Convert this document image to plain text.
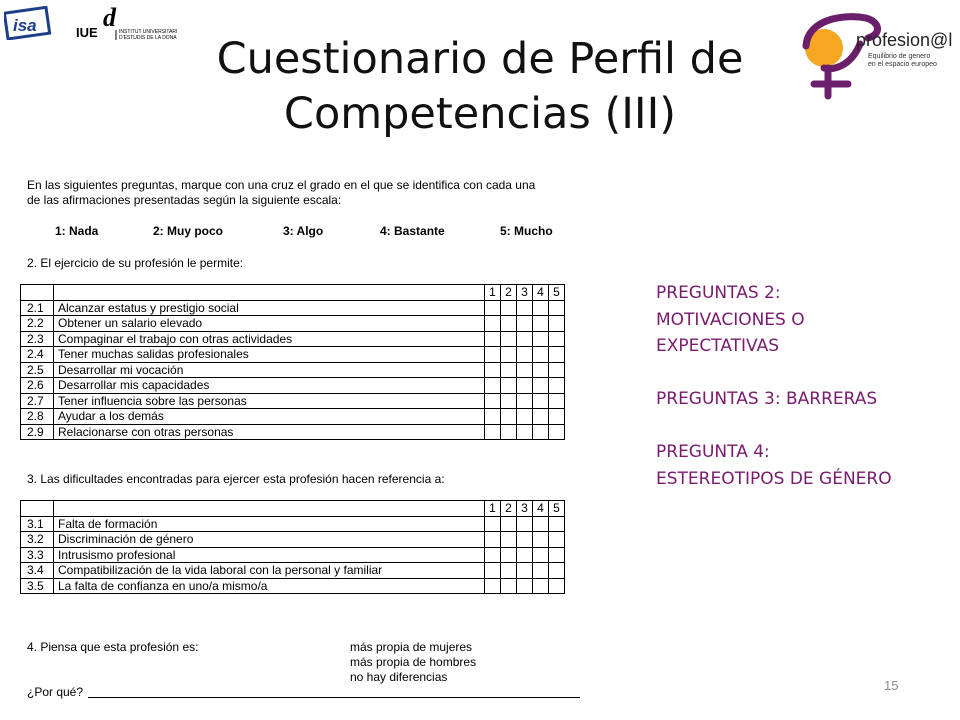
isa	IUE
d INSTITUT UNIVERSITARI
D'ESTUDIS DE LA DONA	profesion@l
Equilibrio de genero
en el espacio europeo
Cuestionario de Perfil de
Competencias (III)
En las siguientes preguntas, marque con una cruz el grado en el que se identifica con cada una
de las afirmaciones presentadas según la siguiente escala:
1: Nada	2: Muy poco	3: Algo	4: Bastante	5: Mucho
2. El ejercicio de su profesión le permite:
		1	2	3	4	5
2.1	Alcanzar estatus y prestigio social					
2.2	Obtener un salario elevado					
2.3	Compaginar el trabajo con otras actividades					
2.4	Tener muchas salidas profesionales					
2.5	Desarrollar mi vocación					
2.6	Desarrollar mis capacidades					
2.7	Tener influencia sobre las personas					
2.8	Ayudar a los demás					
2.9	Relacionarse con otras personas					
3. Las dificultades encontradas para ejercer esta profesión hacen referencia a:
		1	2	3	4	5
3.1	Falta de formación					
3.2	Discriminación de género					
3.3	Intrusismo profesional					
3.4	Compatibilización de la vida laboral con la personal y familiar					
3.5	La falta de confianza en uno/a mismo/a					
4. Piensa que esta profesión es:	más propia de mujeres
más propia de hombres
no hay diferencias
¿Por qué?
PREGUNTAS 2:
MOTIVACIONES O
EXPECTATIVAS
PREGUNTAS 3: BARRERAS
PREGUNTA 4:
ESTEREOTIPOS DE GÉNERO
15
